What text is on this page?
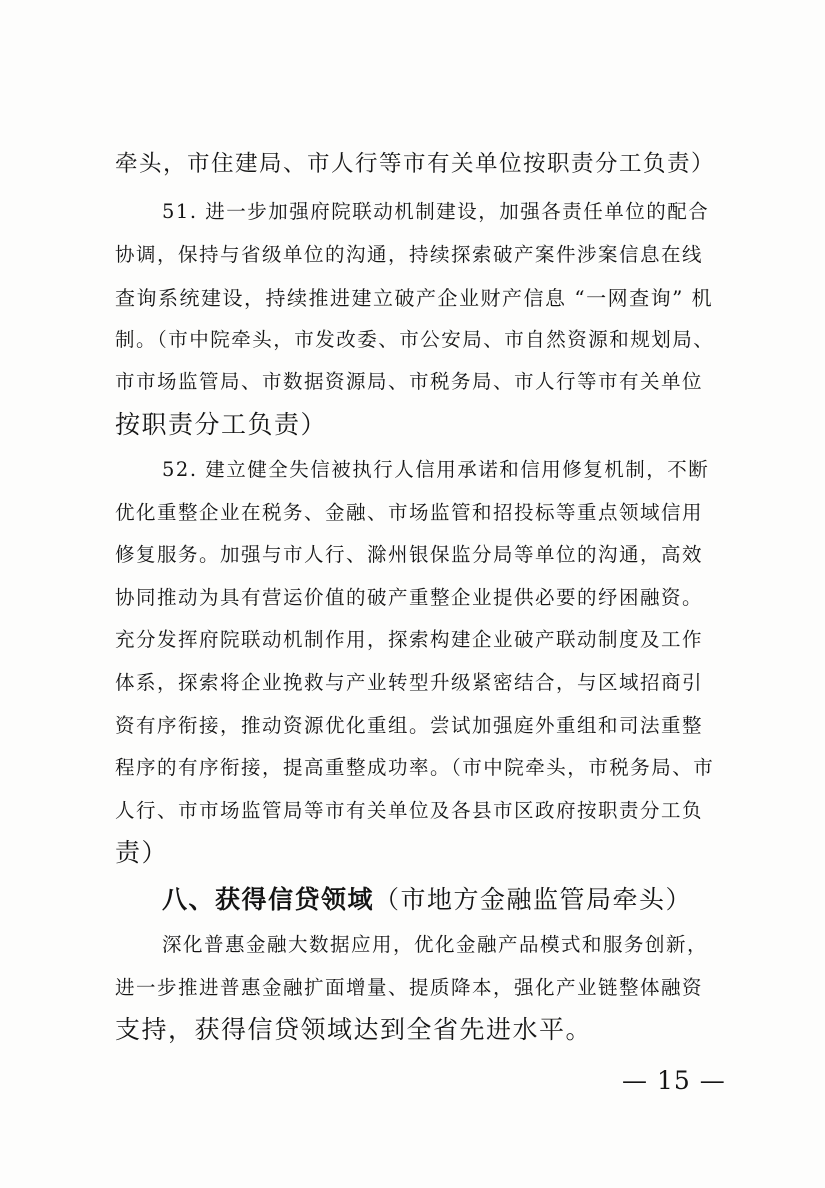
牵头，市住建局、市人行等市有关单位按职责分工负责）
51. 进一步加强府院联动机制建设，加强各责任单位的配合
协调，保持与省级单位的沟通，持续探索破产案件涉案信息在线
查询系统建设，持续推进建立破产企业财产信息 “一网查询” 机
制。（市中院牵头，市发改委、市公安局、市自然资源和规划局、
市市场监管局、市数据资源局、市税务局、市人行等市有关单位
按职责分工负责）
52. 建立健全失信被执行人信用承诺和信用修复机制，不断
优化重整企业在税务、金融、市场监管和招投标等重点领域信用
修复服务。加强与市人行、滁州银保监分局等单位的沟通，高效
协同推动为具有营运价值的破产重整企业提供必要的纾困融资。
充分发挥府院联动机制作用，探索构建企业破产联动制度及工作
体系，探索将企业挽救与产业转型升级紧密结合，与区域招商引
资有序衔接，推动资源优化重组。尝试加强庭外重组和司法重整
程序的有序衔接，提高重整成功率。（市中院牵头，市税务局、市
人行、市市场监管局等市有关单位及各县市区政府按职责分工负
责）
八、获得信贷领域（市地方金融监管局牵头）
深化普惠金融大数据应用，优化金融产品模式和服务创新，
进一步推进普惠金融扩面增量、提质降本，强化产业链整体融资
支持，获得信贷领域达到全省先进水平。
— 15 —
